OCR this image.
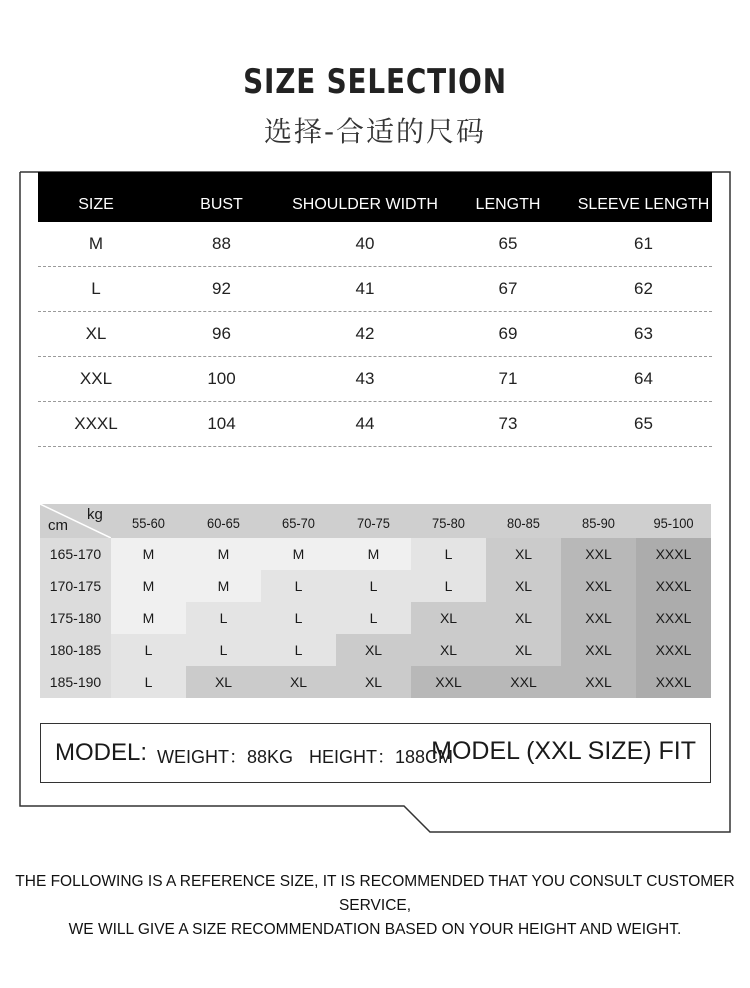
SIZE SELECTION
选择-合适的尺码
SIZE	BUST	SHOULDER WIDTH	LENGTH	SLEEVE LENGTH
M	88	40	65	61
L	92	41	67	62
XL	96	42	69	63
XXL	100	43	71	64
XXXL	104	44	73	65
kg
cm	55-60	60-65	65-70	70-75	75-80	80-85	85-90	95-100
165-170	M	M	M	M	L	XL	XXL	XXXL
170-175	M	M	L	L	L	XL	XXL	XXXL
175-180	M	L	L	L	XL	XL	XXL	XXXL
180-185	L	L	L	XL	XL	XL	XXL	XXXL
185-190	L	XL	XL	XL	XXL	XXL	XXL	XXXL
MODEL: WEIGHT：88KG HEIGHT：188CM
MODEL (XXL SIZE) FIT
THE FOLLOWING IS A REFERENCE SIZE, IT IS RECOMMENDED THAT YOU CONSULT CUSTOMER SERVICE,
WE WILL GIVE A SIZE RECOMMENDATION BASED ON YOUR HEIGHT AND WEIGHT.
